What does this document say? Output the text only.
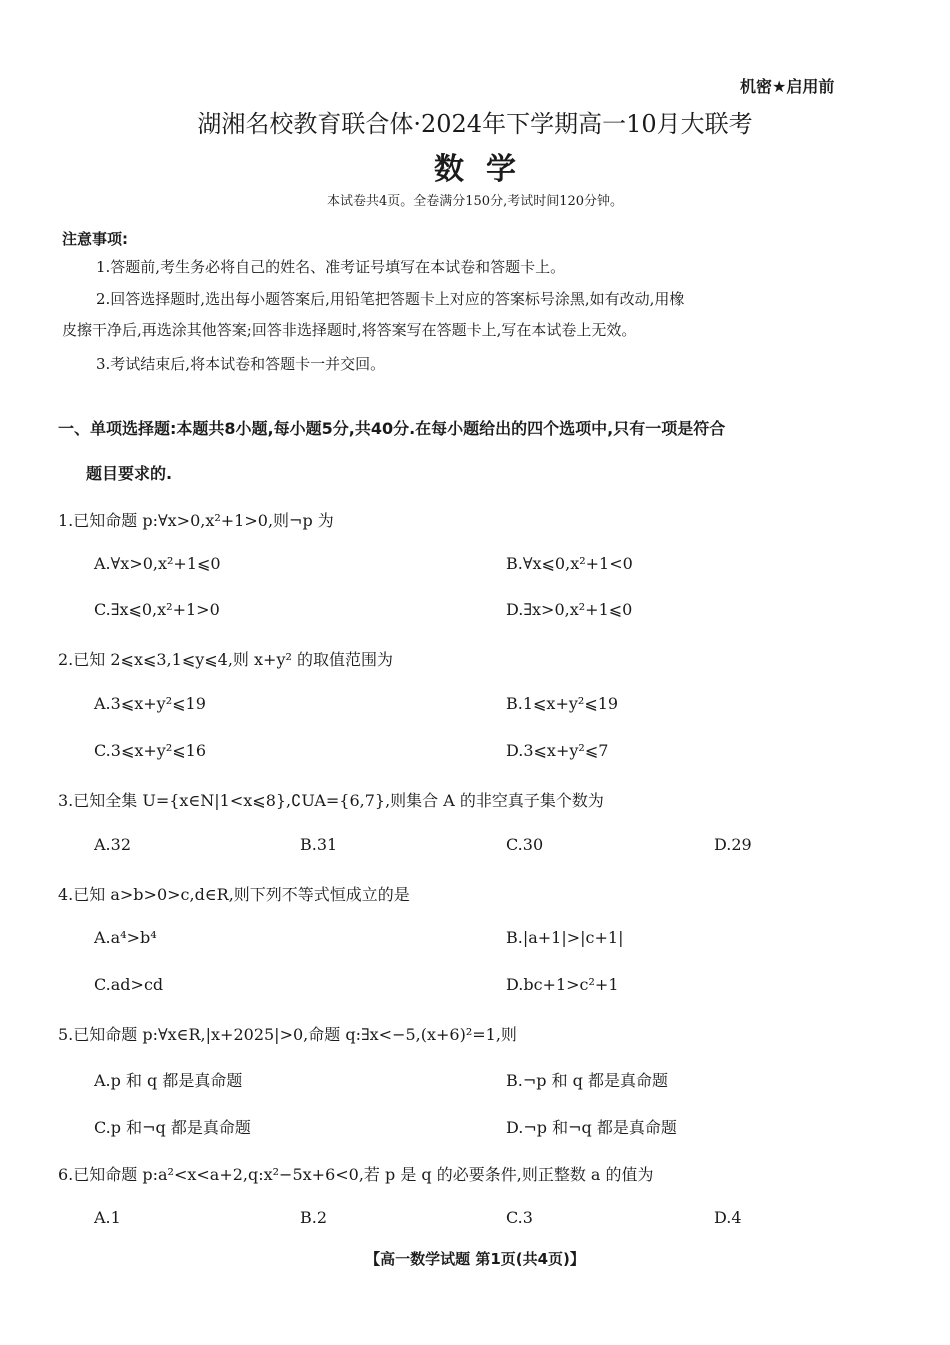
机密★启用前
湖湘名校教育联合体·2024年下学期高一10月大联考
数学
本试卷共4页。全卷满分150分,考试时间120分钟。
注意事项:
1.答题前,考生务必将自己的姓名、准考证号填写在本试卷和答题卡上。
2.回答选择题时,选出每小题答案后,用铅笔把答题卡上对应的答案标号涂黑,如有改动,用橡
皮擦干净后,再选涂其他答案;回答非选择题时,将答案写在答题卡上,写在本试卷上无效。
3.考试结束后,将本试卷和答题卡一并交回。
一、单项选择题:本题共8小题,每小题5分,共40分.在每小题给出的四个选项中,只有一项是符合
题目要求的.
1.已知命题 p:∀x>0,x²+1>0,则¬p 为
A.∀x>0,x²+1⩽0	B.∀x⩽0,x²+1<0
C.∃x⩽0,x²+1>0	D.∃x>0,x²+1⩽0
2.已知 2⩽x⩽3,1⩽y⩽4,则 x+y² 的取值范围为
A.3⩽x+y²⩽19	B.1⩽x+y²⩽19
C.3⩽x+y²⩽16	D.3⩽x+y²⩽7
3.已知全集 U={x∈N|1<x⩽8},∁UA={6,7},则集合 A 的非空真子集个数为
A.32	B.31	C.30	D.29
4.已知 a>b>0>c,d∈R,则下列不等式恒成立的是
A.a⁴>b⁴	B.|a+1|>|c+1|
C.ad>cd	D.bc+1>c²+1
5.已知命题 p:∀x∈R,|x+2025|>0,命题 q:∃x<−5,(x+6)²=1,则
A.p 和 q 都是真命题	B.¬p 和 q 都是真命题
C.p 和¬q 都是真命题	D.¬p 和¬q 都是真命题
6.已知命题 p:a²<x<a+2,q:x²−5x+6<0,若 p 是 q 的必要条件,则正整数 a 的值为
A.1	B.2	C.3	D.4
【高一数学试题 第1页(共4页)】
